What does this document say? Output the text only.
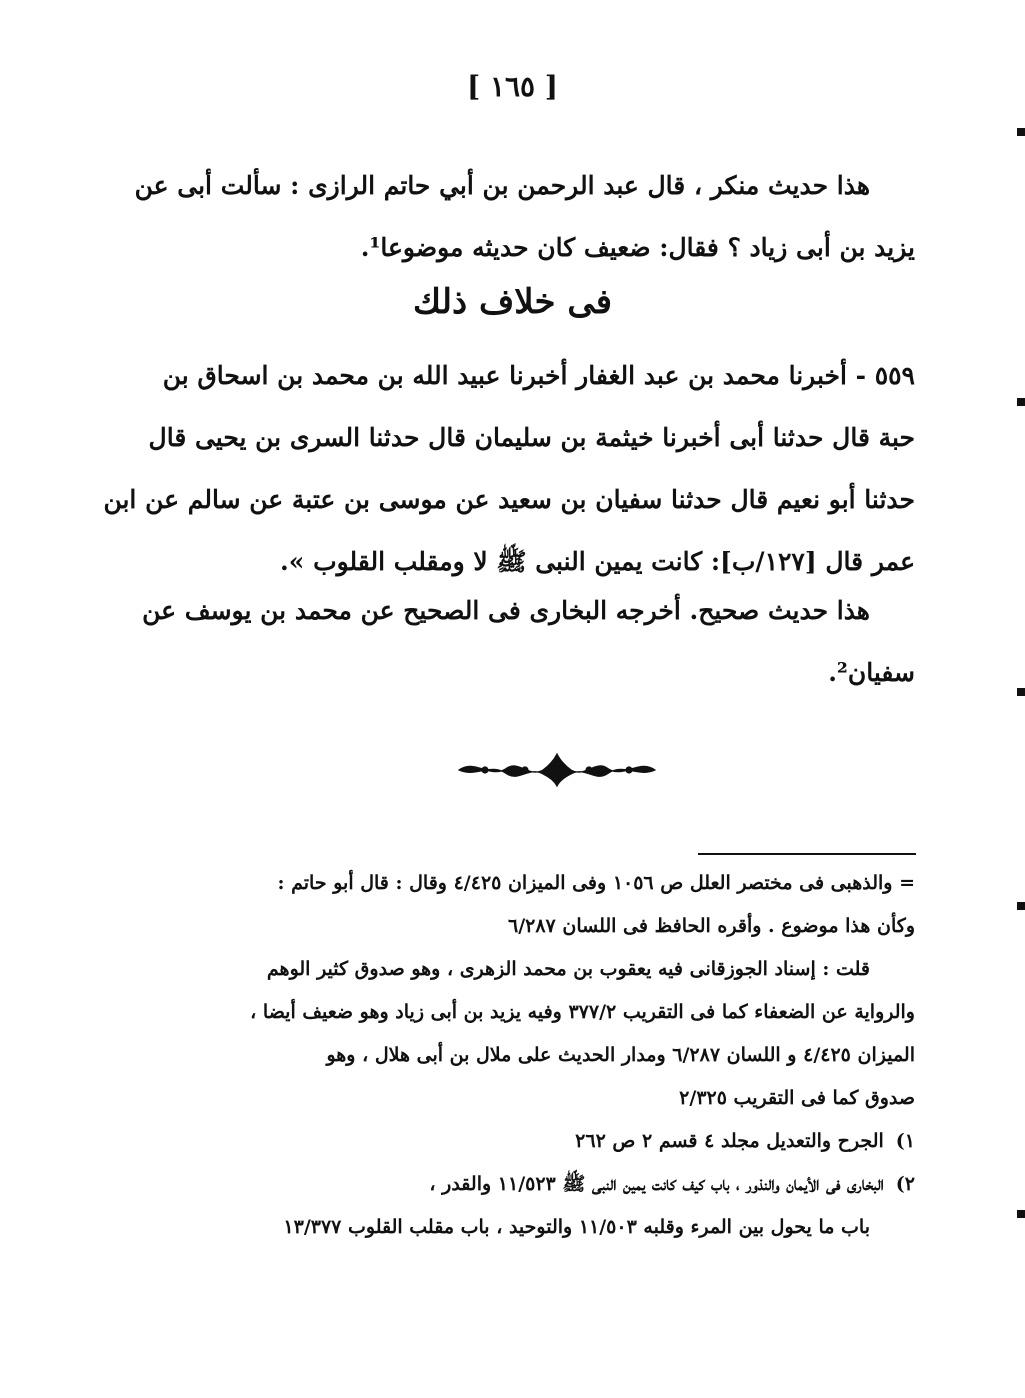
[ ١٦٥ ]
هذا حديث منكر ، قال عبد الرحمن بن أبي حاتم الرازى : سألت أبى عن
يزيد بن أبى زياد ؟ فقال: ضعيف كان حديثه موضوعا¹.
فى خلاف ذلك
٥٥٩ - أخبرنا محمد بن عبد الغفار أخبرنا عبيد الله بن محمد بن اسحاق بن
حبة قال حدثنا أبى أخبرنا خيثمة بن سليمان قال حدثنا السرى بن يحيى قال
حدثنا أبو نعيم قال حدثنا سفيان بن سعيد عن موسى بن عتبة عن سالم عن ابن
عمر قال [١٢٧/ب]: كانت يمين النبى ﷺ لا ومقلب القلوب ».
هذا حديث صحيح. أخرجه البخارى فى الصحيح عن محمد بن يوسف عن
سفيان².
= والذهبى فى مختصر العلل ص ١٠٥٦ وفى الميزان ٤/٤٢٥ وقال : قال أبو حاتم :
وكأن هذا موضوع . وأقره الحافظ فى اللسان ٦/٢٨٧
قلت : إسناد الجوزقانى فيه يعقوب بن محمد الزهرى ، وهو صدوق كثير الوهم
والرواية عن الضعفاء كما فى التقريب ٣٧٧/٢ وفيه يزيد بن أبى زياد وهو ضعيف أيضا ،
الميزان ٤/٤٢٥ و اللسان ٦/٢٨٧ ومدار الحديث على ملال بن أبى هلال ، وهو
صدوق كما فى التقريب ٢/٣٢٥
١)الجرح والتعديل مجلد ٤ قسم ٢ ص ٢٦٢
٢)البخارى فى الأيمان والنذور ، باب كيف كانت يمين النبى ﷺ ١١/٥٢٣ والقدر ،
باب ما يحول بين المرء وقلبه ١١/٥٠٣ والتوحيد ، باب مقلب القلوب ١٣/٣٧٧
